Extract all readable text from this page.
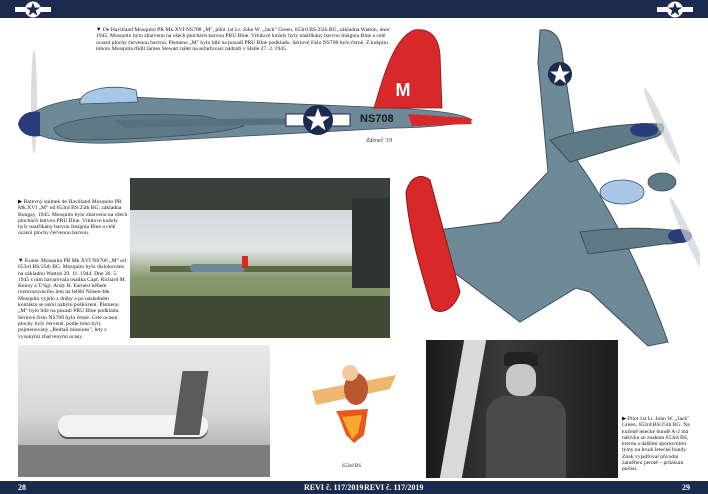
▼ De Havilland Mosquito PR Mk.XVI NS708 „M", pilot 1st Lt. John W. „Jack" Green, 653rd BS/25th BG, základna Watton, únor 1945. Mosquito bylo zbarveno na všech plochách barvou PRU Blue. Vrtulové kužely byly nastříkány barvou Insignia Blue a celé ocasní plochy červenou barvou. Písmeno „M" bylo bílé na pozadí PRU Blue podkladu. Sériové číslo NS708 bylo černé. Z kokpitu tohoto Mosquita třídil James Stewart nálet na seřaďovací nádraží v Halle 27. 2. 1945.
M
NS708
Zdeneč '19
▶ Barevný snímek de Havilland Mosquito PR Mk.XVI „M" od 653rd BS/25th BG, základna Bungay, 1945. Mosquito bylo zbarveno na všech plochách barvou PRU Blue. Vrtulové kužely byly nastříkány barvou Insignia Blue a celé ocasní plochy červenou barvou.
▼ Konec Mosquita PR Mk.XVI NS706 „M" od 653rd BS/25th BG. Mosquito bylo dislokováno na základnu Watton 29. 11. 1944. Dne 30. 5. 1945 s ním havarovala osádka Capt. Richard M. Kenny a T/Sgt. Andy R. Earnest během rozmrazovacího letu na letišti Nilsen-Ide. Mosquito vyjelo z dráhy a po následném kontaktu se zemí nabylo poškození. Písmeno „M" bylo bílé na pozadí PRU Blue podkladu. Sériové číslo NS708 bylo černé. Celé ocasní plochy byly červené, podle toho byly pojmenovány „Redtail missions", lety s vysokými zbarvenými ocasy.
653rd BS
▶ Pilot 1st Lt. John W. „Jack" Green, 653rd BS/25th BG. Na koženě letecké bundě A-2 má nášivku se znakem 653rd BS, kterou s dalšími sportovními týmy na hrudi letecké bundy. Znak vyjadřoval původní zaměření perutě – průzkum počasí.
28	REVI č. 117/2019 REVI č. 117/2019	29
